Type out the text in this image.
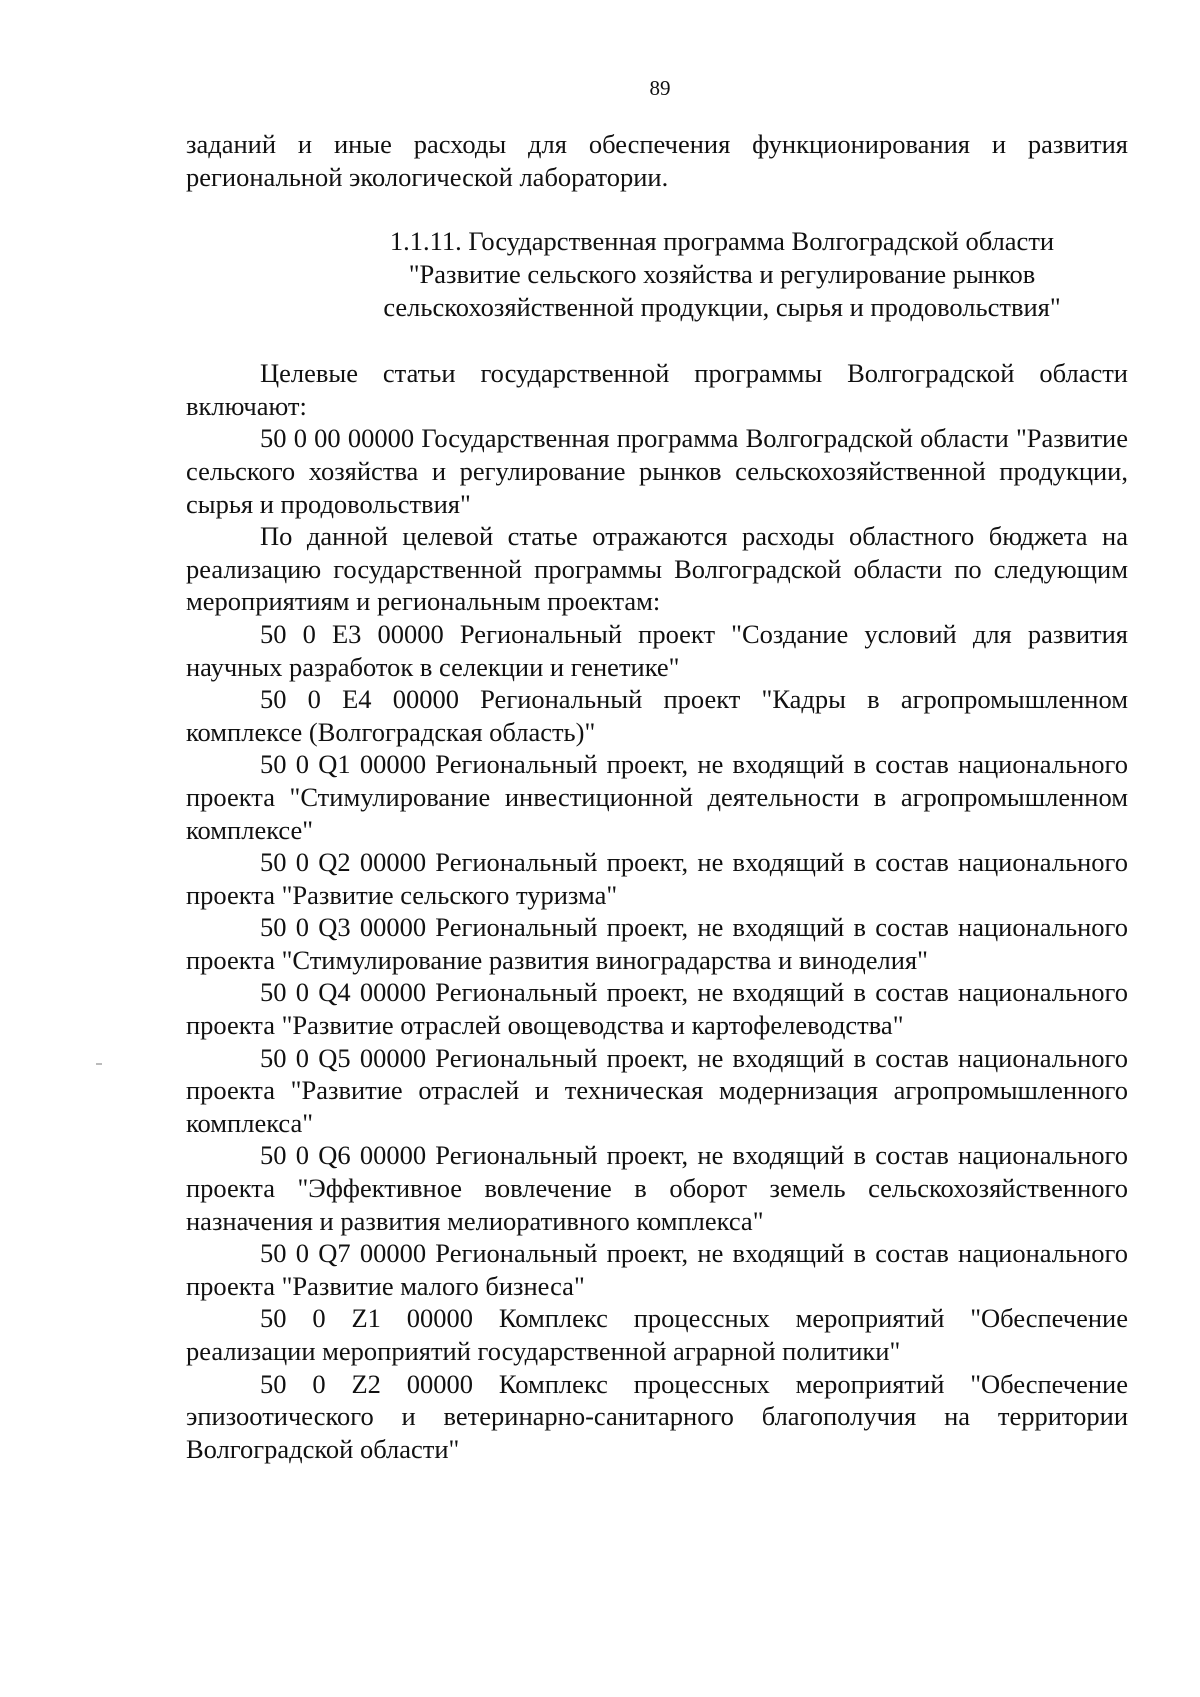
89

заданий и иные расходы для обеспечения функционирования и развития региональной экологической лаборатории.

1.1.11. Государственная программа Волгоградской области
"Развитие сельского хозяйства и регулирование рынков
сельскохозяйственной продукции, сырья и продовольствия"

Целевые статьи государственной программы Волгоградской области включают:

50 0 00 00000 Государственная программа Волгоградской области "Развитие сельского хозяйства и регулирование рынков сельскохозяйственной продукции, сырья и продовольствия"

По данной целевой статье отражаются расходы областного бюджета на реализацию государственной программы Волгоградской области по следующим мероприятиям и региональным проектам:

50 0 E3 00000 Региональный проект "Создание условий для развития научных разработок в селекции и генетике"

50 0 E4 00000 Региональный проект "Кадры в агропромышленном комплексе (Волгоградская область)"

50 0 Q1 00000 Региональный проект, не входящий в состав национального проекта "Стимулирование инвестиционной деятельности в агропромышленном комплексе"

50 0 Q2 00000 Региональный проект, не входящий в состав национального проекта "Развитие сельского туризма"

50 0 Q3 00000 Региональный проект, не входящий в состав национального проекта "Стимулирование развития виноградарства и виноделия"

50 0 Q4 00000 Региональный проект, не входящий в состав национального проекта "Развитие отраслей овощеводства и картофелеводства"

50 0 Q5 00000 Региональный проект, не входящий в состав национального проекта "Развитие отраслей и техническая модернизация агропромышленного комплекса"

50 0 Q6 00000 Региональный проект, не входящий в состав национального проекта "Эффективное вовлечение в оборот земель сельскохозяйственного назначения и развития мелиоративного комплекса"

50 0 Q7 00000 Региональный проект, не входящий в состав национального проекта "Развитие малого бизнеса"

50 0 Z1 00000 Комплекс процессных мероприятий "Обеспечение реализации мероприятий государственной аграрной политики"

50 0 Z2 00000 Комплекс процессных мероприятий "Обеспечение эпизоотического и ветеринарно-санитарного благополучия на территории Волгоградской области"
